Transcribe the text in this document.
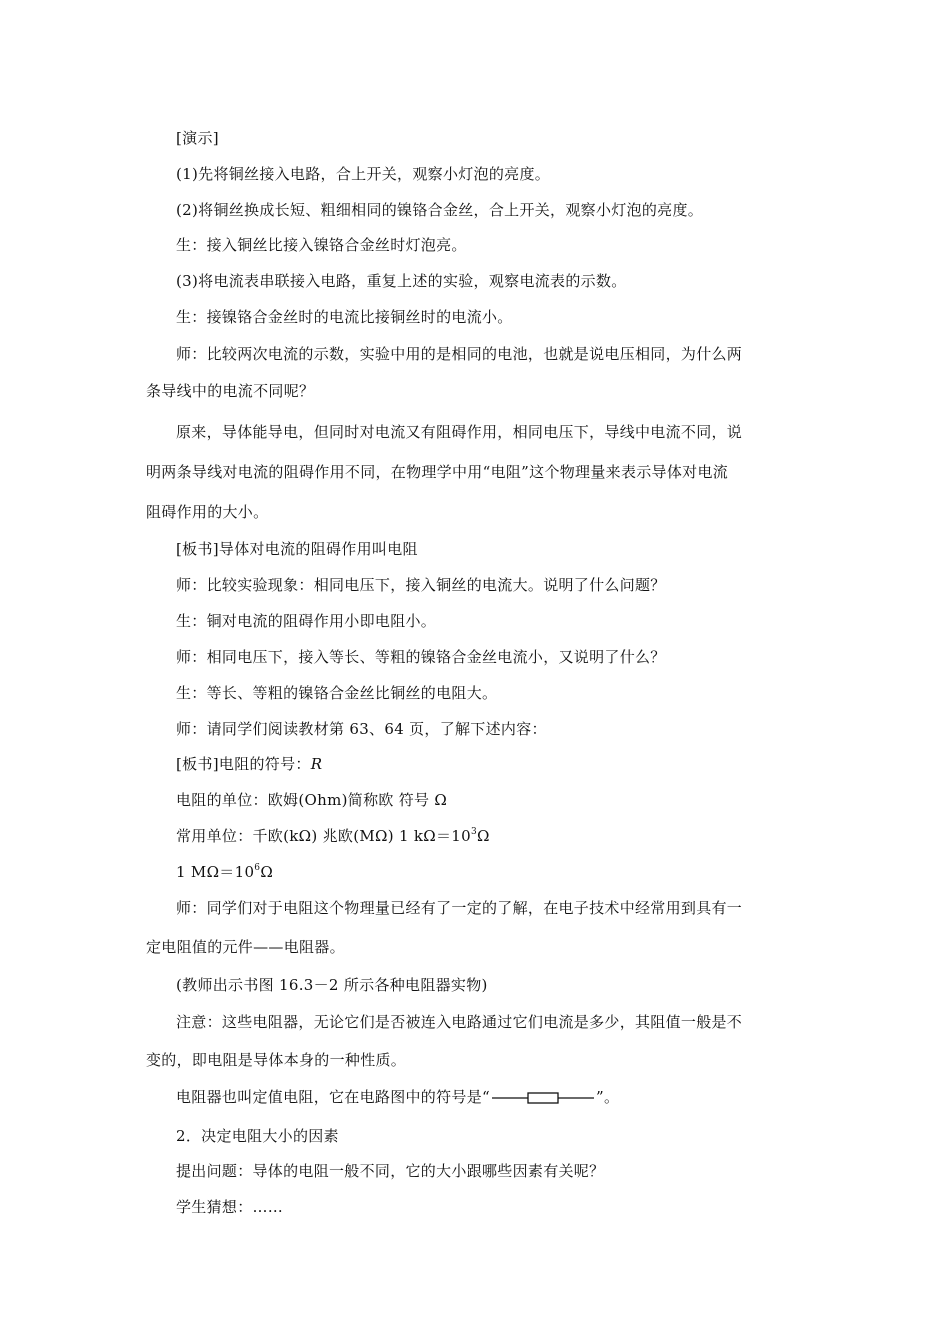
[演示]
(1)先将铜丝接入电路，合上开关，观察小灯泡的亮度。
(2)将铜丝换成长短、粗细相同的镍铬合金丝，合上开关，观察小灯泡的亮度。
生：接入铜丝比接入镍铬合金丝时灯泡亮。
(3)将电流表串联接入电路，重复上述的实验，观察电流表的示数。
生：接镍铬合金丝时的电流比接铜丝时的电流小。
师：比较两次电流的示数，实验中用的是相同的电池，也就是说电压相同，为什么两
条导线中的电流不同呢？
原来，导体能导电，但同时对电流又有阻碍作用，相同电压下，导线中电流不同，说
明两条导线对电流的阻碍作用不同，在物理学中用“电阻”这个物理量来表示导体对电流
阻碍作用的大小。
[板书]导体对电流的阻碍作用叫电阻
师：比较实验现象：相同电压下，接入铜丝的电流大。说明了什么问题？
生：铜对电流的阻碍作用小即电阻小。
师：相同电压下，接入等长、等粗的镍铬合金丝电流小，又说明了什么？
生：等长、等粗的镍铬合金丝比铜丝的电阻大。
师：请同学们阅读教材第 63、64 页，了解下述内容：
[板书]电阻的符号：R
电阻的单位：欧姆(Ohm)简称欧 符号 Ω
常用单位：千欧(kΩ) 兆欧(MΩ) 1 $k\Omega=10^3\Omega$
1 $M\Omega=10^6\Omega$
师：同学们对于电阻这个物理量已经有了一定的了解，在电子技术中经常用到具有一
定电阻值的元件——电阻器。
(教师出示书图 16.3－2 所示各种电阻器实物)
注意：这些电阻器，无论它们是否被连入电路通过它们电流是多少，其阻值一般是不
变的，即电阻是导体本身的一种性质。
电阻器也叫定值电阻，它在电路图中的符号是“	”。
2．决定电阻大小的因素
提出问题：导体的电阻一般不同，它的大小跟哪些因素有关呢？
学生猜想：……
